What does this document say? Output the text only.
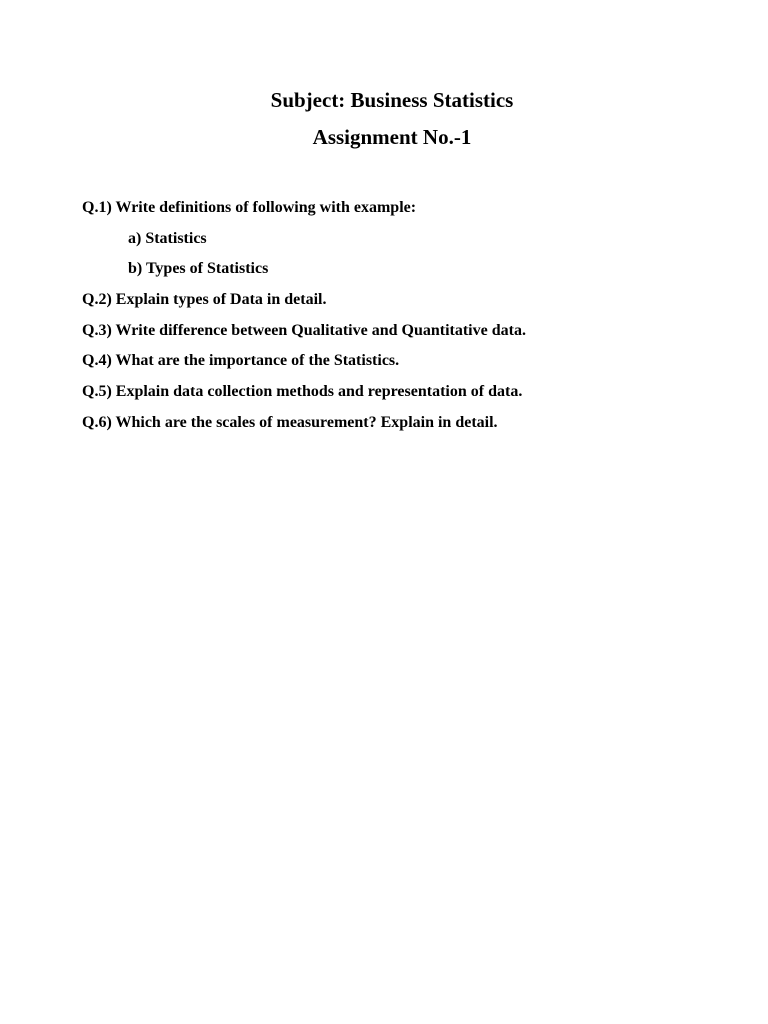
Subject: Business Statistics
Assignment No.-1
Q.1) Write definitions of following with example:
a) Statistics
b) Types of Statistics
Q.2) Explain types of Data in detail.
Q.3) Write difference between Qualitative and Quantitative data.
Q.4) What are the importance of the Statistics.
Q.5) Explain data collection methods and representation of data.
Q.6) Which are the scales of measurement? Explain in detail.
